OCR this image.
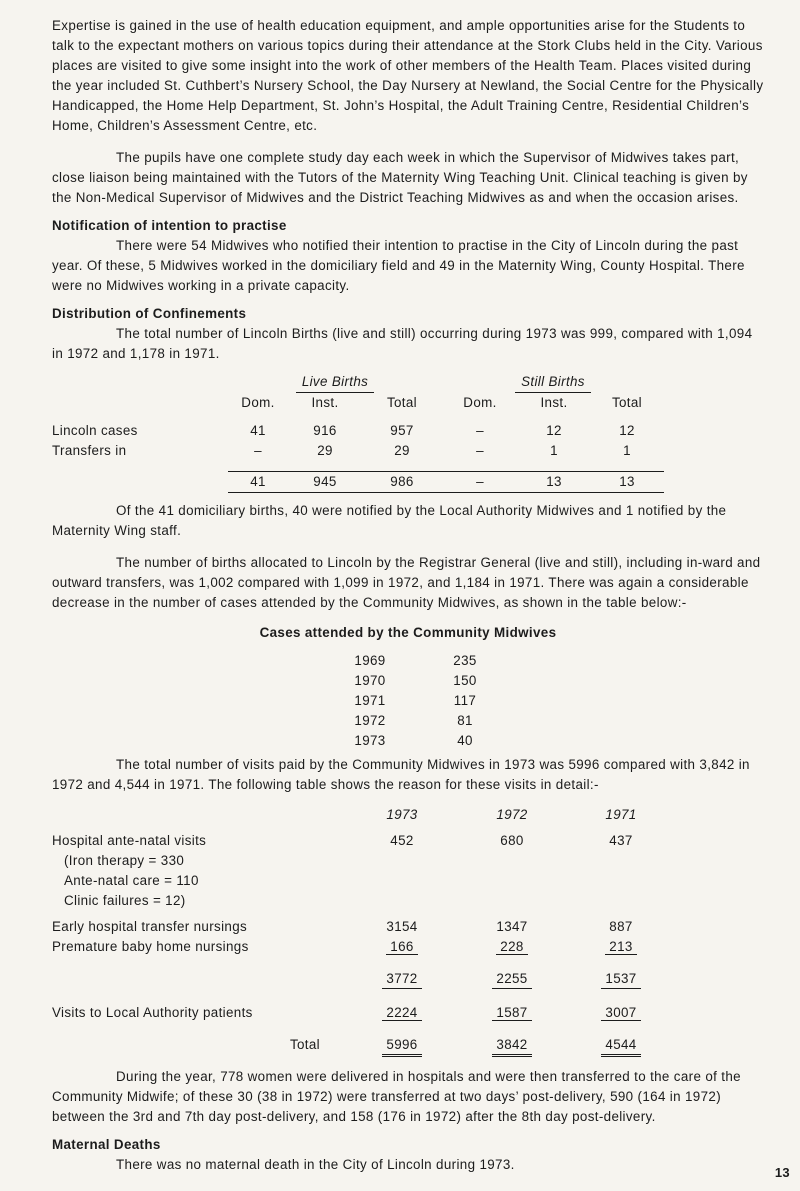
Expertise is gained in the use of health education equipment, and ample opportunities arise for the Students to talk to the expectant mothers on various topics during their attendance at the Stork Clubs held in the City. Various places are visited to give some insight into the work of other members of the Health Team. Places visited during the year included St. Cuthbert’s Nursery School, the Day Nursery at Newland, the Social Centre for the Physically Handicapped, the Home Help Department, St. John’s Hospital, the Adult Training Centre, Residential Children’s Home, Children’s Assessment Centre, etc.

The pupils have one complete study day each week in which the Supervisor of Midwives takes part, close liaison being maintained with the Tutors of the Maternity Wing Teaching Unit. Clinical teaching is given by the Non-Medical Supervisor of Midwives and the District Teaching Midwives as and when the occasion arises.

Notification of intention to practise

There were 54 Midwives who notified their intention to practise in the City of Lincoln during the past year. Of these, 5 Midwives worked in the domiciliary field and 49 in the Maternity Wing, County Hospital. There were no Midwives working in a private capacity.

Distribution of Confinements

The total number of Lincoln Births (live and still) occurring during 1973 was 999, compared with 1,094 in 1972 and 1,178 in 1971.

	Live Births			Still Births		
	Dom.	Inst.	Total	Dom.	Inst.	Total

Lincoln cases	41	916	957	–	12	12
Transfers in	–	29	29	–	1	1

	41	945	986	–	13	13

Of the 41 domiciliary births, 40 were notified by the Local Authority Midwives and 1 notified by the Maternity Wing staff.

The number of births allocated to Lincoln by the Registrar General (live and still), including in-ward and outward transfers, was 1,002 compared with 1,099 in 1972, and 1,184 in 1971. There was again a considerable decrease in the number of cases attended by the Community Midwives, as shown in the table below:-

Cases attended by the Community Midwives

1969	235
1970	150
1971	117
1972	81
1973	40

The total number of visits paid by the Community Midwives in 1973 was 5996 compared with 3,842 in 1972 and 4,544 in 1971. The following table shows the reason for these visits in detail:-

	1973	1972	1971

Hospital ante-natal visits	452	680	437
(Iron therapy = 330			
Ante-natal care = 110			
Clinic failures = 12)			

Early hospital transfer nursings	3154	1347	887
Premature baby home nursings	166	228	213

	3772	2255	1537

Visits to Local Authority patients	2224	1587	3007

Total	5996	3842	4544

During the year, 778 women were delivered in hospitals and were then transferred to the care of the Community Midwife; of these 30 (38 in 1972) were transferred at two days’ post-delivery, 590 (164 in 1972) between the 3rd and 7th day post-delivery, and 158 (176 in 1972) after the 8th day post-delivery.

Maternal Deaths

There was no maternal death in the City of Lincoln during 1973.

13
